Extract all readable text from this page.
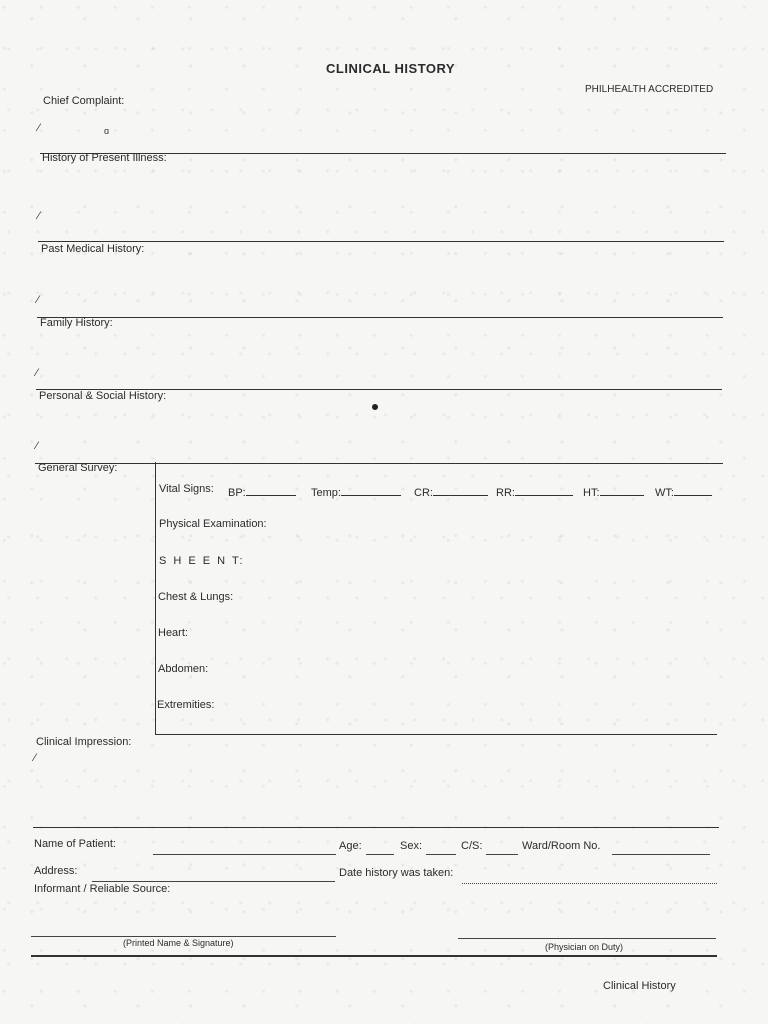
CLINICAL HISTORY
PHILHEALTH ACCREDITED
Chief Complaint:
⁄	ɑ
History of Present Illness:
⁄
Past Medical History:
⁄
Family History:
⁄
Personal & Social History:
⁄
General Survey:
Vital Signs: BP:	Temp:	CR:	RR:	HT:	WT:
Physical Examination:
S H E E N T:
Chest & Lungs:
Heart:
Abdomen:
Extremities:
Clinical Impression:
⁄
Name of Patient:	Age:	Sex:	C/S:	Ward/Room No.
Address:	Date history was taken:
Informant / Reliable Source:
(Printed Name & Signature)	(Physician on Duty)
Clinical History
